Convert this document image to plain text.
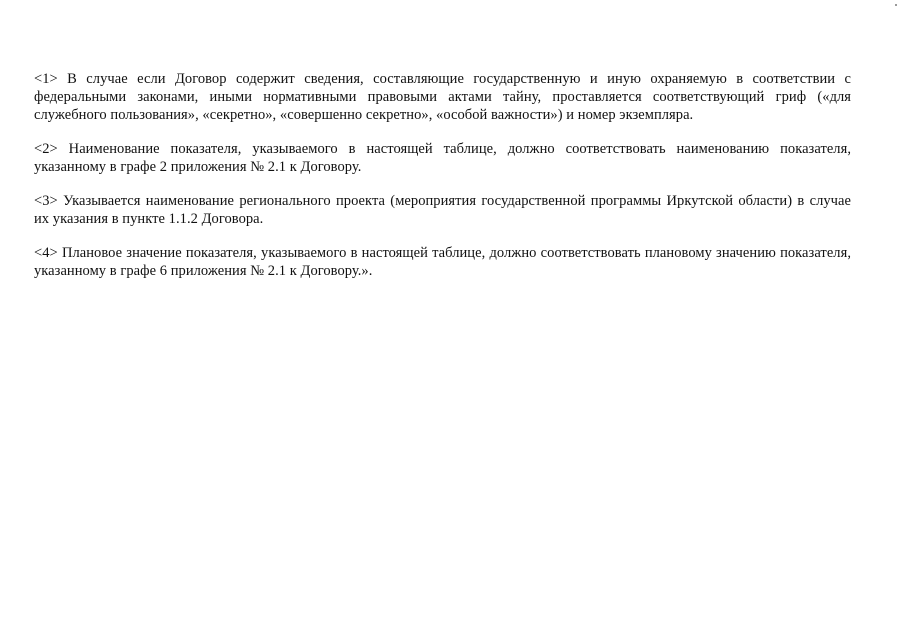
<1> В случае если Договор содержит сведения, составляющие государственную и иную охраняемую в соответствии с федеральными законами, иными нормативными правовыми актами тайну, проставляется соответствующий гриф («для служебного пользования», «секретно», «совершенно секретно», «особой важности») и номер экземпляра.

<2> Наименование показателя, указываемого в настоящей таблице, должно соответствовать наименованию показателя, указанному в графе 2 приложения № 2.1 к Договору.

<3> Указывается наименование регионального проекта (мероприятия государственной программы Иркутской области) в случае их указания в пункте 1.1.2 Договора.

<4> Плановое значение показателя, указываемого в настоящей таблице, должно соответствовать плановому значению показателя, указанному в графе 6 приложения № 2.1 к Договору.».
